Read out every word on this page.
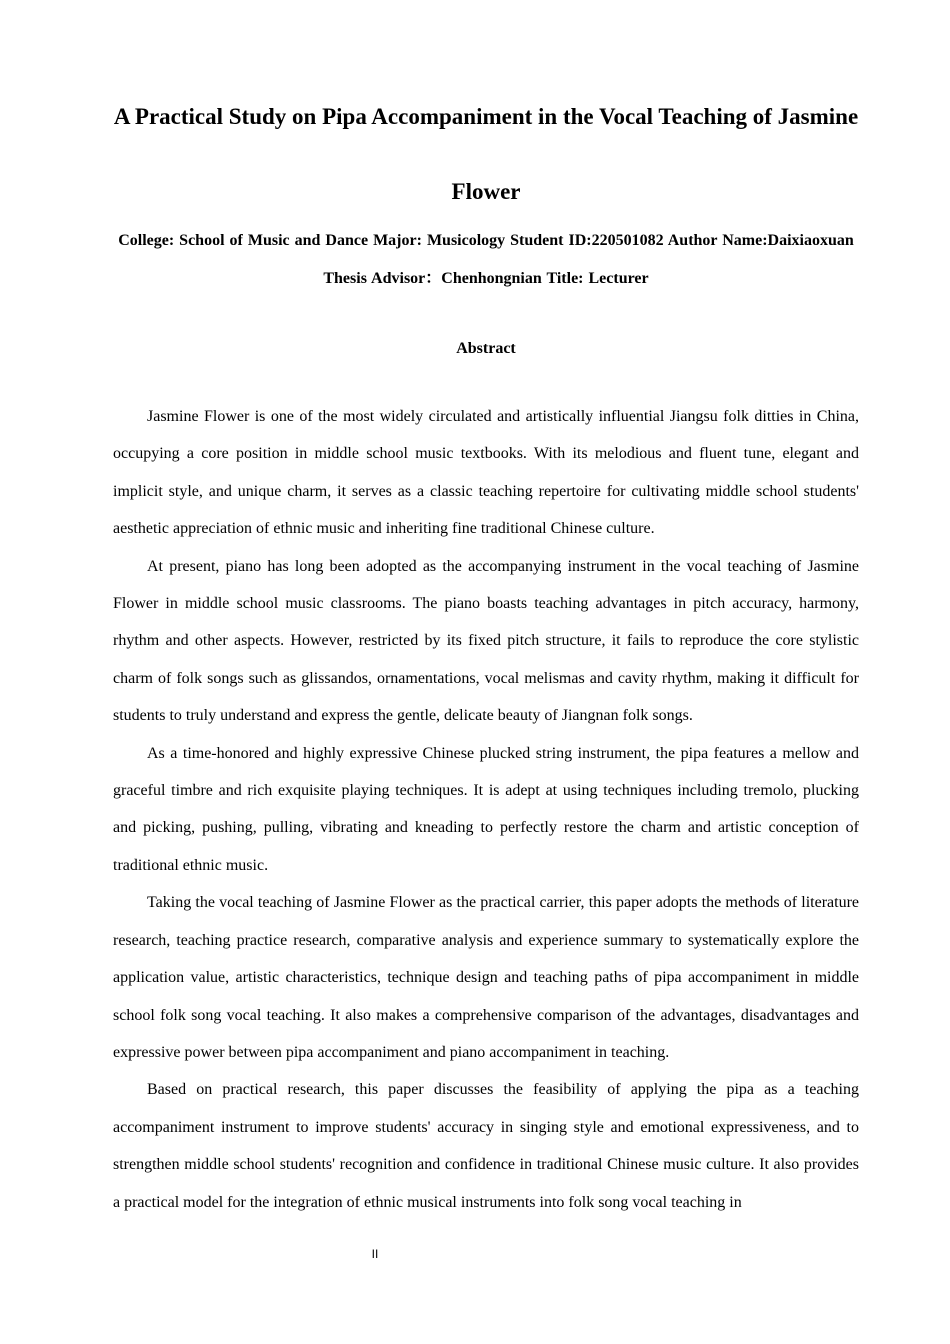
A Practical Study on Pipa Accompaniment in the Vocal Teaching of Jasmine Flower

College: School of Music and Dance Major: Musicology Student ID:220501082 Author Name:Daixiaoxuan Thesis Advisor：Chenhongnian Title: Lecturer

Abstract

Jasmine Flower is one of the most widely circulated and artistically influential Jiangsu folk ditties in China, occupying a core position in middle school music textbooks. With its melodious and fluent tune, elegant and implicit style, and unique charm, it serves as a classic teaching repertoire for cultivating middle school students' aesthetic appreciation of ethnic music and inheriting fine traditional Chinese culture.

At present, piano has long been adopted as the accompanying instrument in the vocal teaching of Jasmine Flower in middle school music classrooms. The piano boasts teaching advantages in pitch accuracy, harmony, rhythm and other aspects. However, restricted by its fixed pitch structure, it fails to reproduce the core stylistic charm of folk songs such as glissandos, ornamentations, vocal melismas and cavity rhythm, making it difficult for students to truly understand and express the gentle, delicate beauty of Jiangnan folk songs.

As a time-honored and highly expressive Chinese plucked string instrument, the pipa features a mellow and graceful timbre and rich exquisite playing techniques. It is adept at using techniques including tremolo, plucking and picking, pushing, pulling, vibrating and kneading to perfectly restore the charm and artistic conception of traditional ethnic music.

Taking the vocal teaching of Jasmine Flower as the practical carrier, this paper adopts the methods of literature research, teaching practice research, comparative analysis and experience summary to systematically explore the application value, artistic characteristics, technique design and teaching paths of pipa accompaniment in middle school folk song vocal teaching. It also makes a comprehensive comparison of the advantages, disadvantages and expressive power between pipa accompaniment and piano accompaniment in teaching.

Based on practical research, this paper discusses the feasibility of applying the pipa as a teaching accompaniment instrument to improve students' accuracy in singing style and emotional expressiveness, and to strengthen middle school students' recognition and confidence in traditional Chinese music culture. It also provides a practical model for the integration of ethnic musical instruments into folk song vocal teaching in

II
